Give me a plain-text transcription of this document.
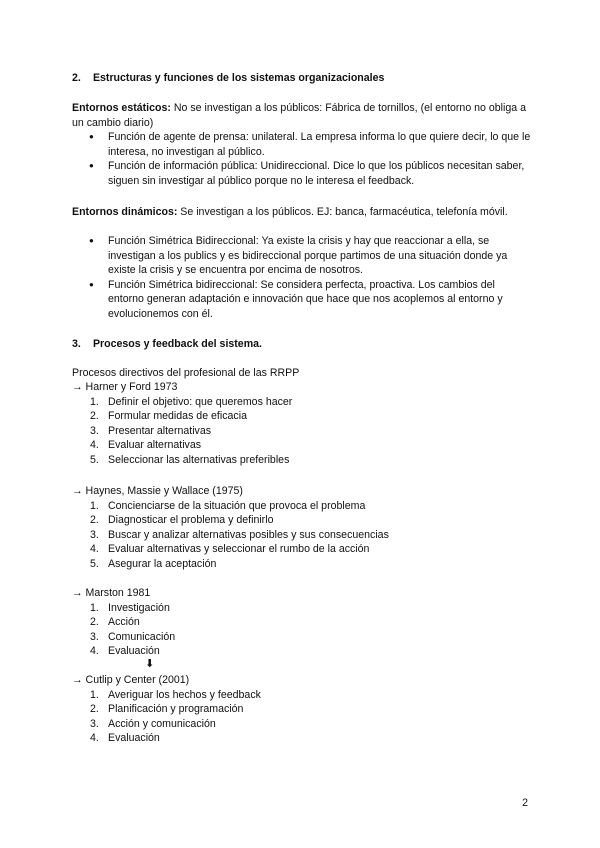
2. Estructuras y funciones de los sistemas organizacionales
Entornos estáticos: No se investigan a los públicos: Fábrica de tornillos, (el entorno no obliga a un cambio diario)
● Función de agente de prensa: unilateral. La empresa informa lo que quiere decir, lo que le interesa, no investigan al público.
● Función de información pública: Unidireccional. Dice lo que los públicos necesitan saber, siguen sin investigar al público porque no le interesa el feedback.
Entornos dinámicos: Se investigan a los públicos. EJ: banca, farmacéutica, telefonía móvil.
● Función Simétrica Bidireccional: Ya existe la crisis y hay que reaccionar a ella, se investigan a los publics y es bidireccional porque partimos de una situación donde ya existe la crisis y se encuentra por encima de nosotros.
● Función Simétrica bidireccional: Se considera perfecta, proactiva. Los cambios del entorno generan adaptación e innovación que hace que nos acoplemos al entorno y evolucionemos con él.
3. Procesos y feedback del sistema.
Procesos directivos del profesional de las RRPP
→ Harner y Ford 1973
1. Definir el objetivo: que queremos hacer
2. Formular medidas de eficacia
3. Presentar alternativas
4. Evaluar alternativas
5. Seleccionar las alternativas preferibles
→ Haynes, Massie y Wallace (1975)
1. Concienciarse de la situación que provoca el problema
2. Diagnosticar el problema y definirlo
3. Buscar y analizar alternativas posibles y sus consecuencias
4. Evaluar alternativas y seleccionar el rumbo de la acción
5. Asegurar la aceptación
→ Marston 1981
1. Investigación
2. Acción
3. Comunicación
4. Evaluación
⬇
→ Cutlip y Center (2001)
1. Averiguar los hechos y feedback
2. Planificación y programación
3. Acción y comunicación
4. Evaluación
2
